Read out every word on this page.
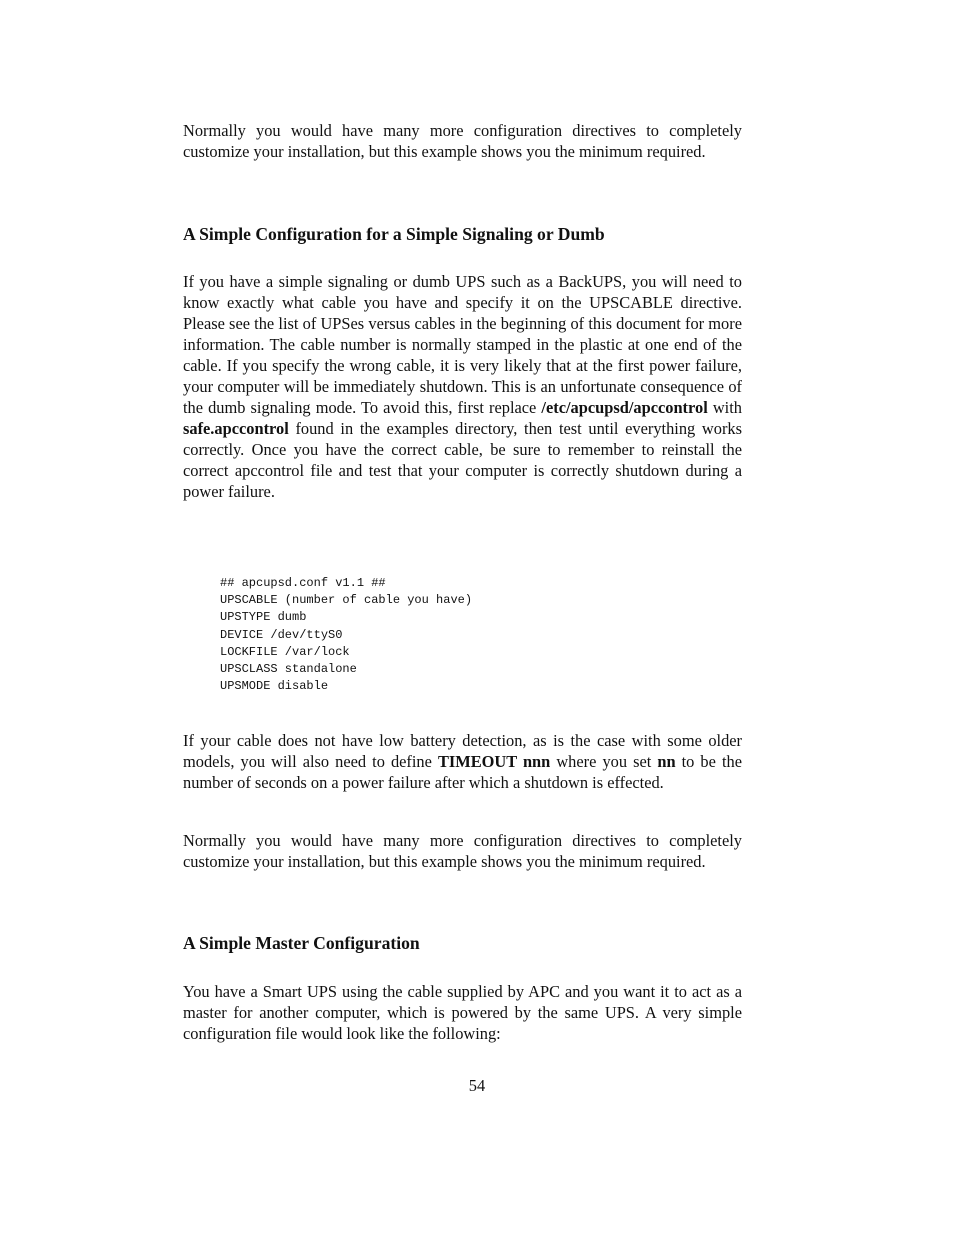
Normally you would have many more configuration directives to completely customize your installation, but this example shows you the minimum required.

A Simple Configuration for a Simple Signaling or Dumb

If you have a simple signaling or dumb UPS such as a BackUPS, you will need to know exactly what cable you have and specify it on the UPSCABLE directive. Please see the list of UPSes versus cables in the beginning of this document for more information. The cable number is normally stamped in the plastic at one end of the cable. If you specify the wrong cable, it is very likely that at the first power failure, your computer will be immediately shutdown. This is an unfortunate consequence of the dumb signaling mode. To avoid this, first replace /etc/apcupsd/apccontrol with safe.apccontrol found in the examples directory, then test until everything works correctly. Once you have the correct cable, be sure to remember to reinstall the correct apccontrol file and test that your computer is correctly shutdown during a power failure.

## apcupsd.conf v1.1 ##
UPSCABLE (number of cable you have)
UPSTYPE dumb
DEVICE /dev/ttyS0
LOCKFILE /var/lock
UPSCLASS standalone
UPSMODE disable

If your cable does not have low battery detection, as is the case with some older models, you will also need to define TIMEOUT nnn where you set nn to be the number of seconds on a power failure after which a shutdown is effected.

Normally you would have many more configuration directives to completely customize your installation, but this example shows you the minimum required.

A Simple Master Configuration

You have a Smart UPS using the cable supplied by APC and you want it to act as a master for another computer, which is powered by the same UPS. A very simple configuration file would look like the following:

54
